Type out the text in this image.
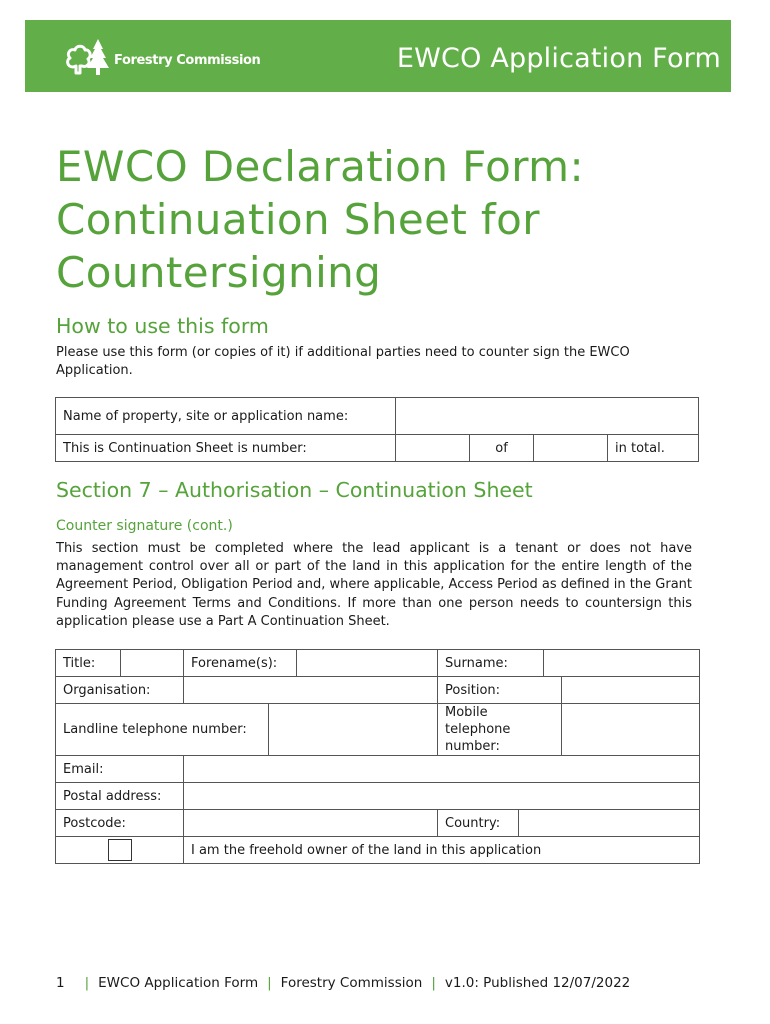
Forestry Commission	EWCO Application Form
EWCO Declaration Form:
Continuation Sheet for
Countersigning
How to use this form

Please use this form (or copies of it) if additional parties need to counter sign the EWCO Application.

Name of property, site or application name:				
This is Continuation Sheet is number:		of		in total.
Section 7 – Authorisation – Continuation Sheet
Counter signature (cont.)

This section must be completed where the lead applicant is a tenant or does not have management control over all or part of the land in this application for the entire length of the Agreement Period, Obligation Period and, where applicable, Access Period as defined in the Grant Funding Agreement Terms and Conditions. If more than one person needs to countersign this application please use a Part A Continuation Sheet.

Title:		Forename(s):			Surname:			
Organisation:					Position:			
Landline telephone number:					Mobile telephone number:			
Email:								
Postal address:								
Postcode:					Country:			

		I am the freehold owner of the land in this application						
1 | EWCO Application Form | Forestry Commission | v1.0: Published 12/07/2022
